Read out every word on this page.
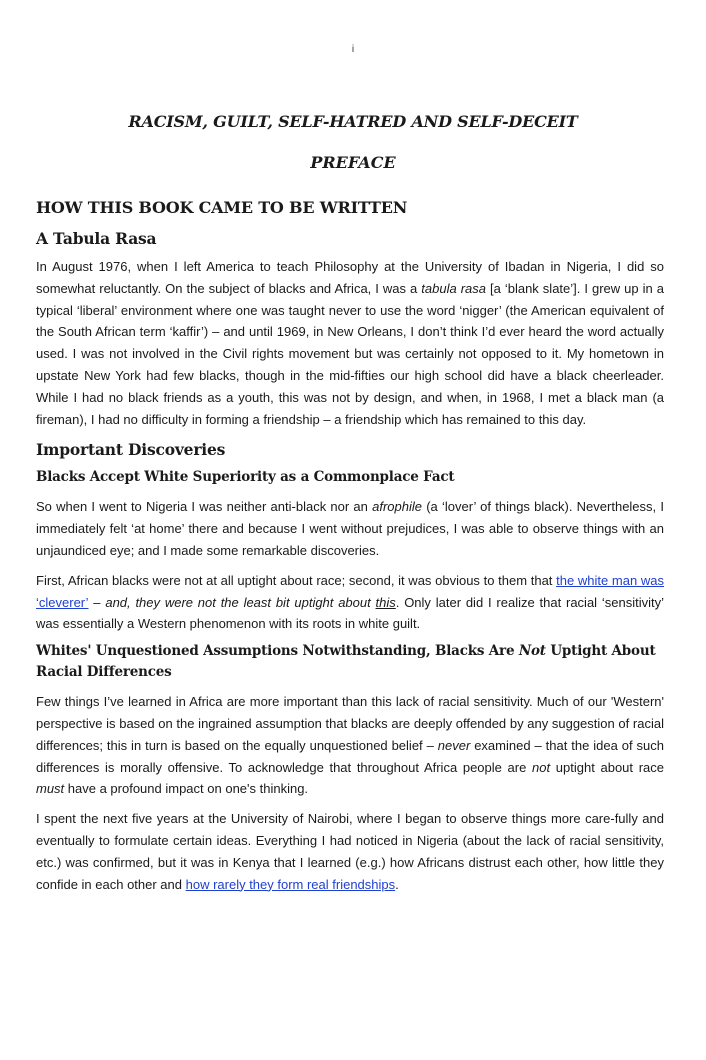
i
RACISM, GUILT, SELF-HATRED AND SELF-DECEIT
PREFACE
HOW THIS BOOK CAME TO BE WRITTEN
A Tabula Rasa

In August 1976, when I left America to teach Philosophy at the University of Ibadan in Nigeria, I did so somewhat reluctantly. On the subject of blacks and Africa, I was a tabula rasa [a ‘blank slate’]. I grew up in a typical ‘liberal’ environment where one was taught never to use the word ‘nigger’ (the American equivalent of the South African term ‘kaffir’) – and until 1969, in New Orleans, I don’t think I’d ever heard the word actually used. I was not involved in the Civil rights movement but was certainly not opposed to it. My hometown in upstate New York had few blacks, though in the mid-fifties our high school did have a black cheerleader. While I had no black friends as a youth, this was not by design, and when, in 1968, I met a black man (a fireman), I had no difficulty in forming a friendship – a friendship which has remained to this day.

Important Discoveries
Blacks Accept White Superiority as a Commonplace Fact

So when I went to Nigeria I was neither anti-black nor an afrophile (a ‘lover’ of things black). Nevertheless, I immediately felt ‘at home’ there and because I went without prejudices, I was able to observe things with an unjaundiced eye; and I made some remarkable discoveries.

First, African blacks were not at all uptight about race; second, it was obvious to them that the white man was ‘cleverer’ – and, they were not the least bit uptight about this. Only later did I realize that racial ‘sensitivity’ was essentially a Western phenomenon with its roots in white guilt.

Whites' Unquestioned Assumptions Notwithstanding, Blacks Are Not Uptight About Racial Differences

Few things I’ve learned in Africa are more important than this lack of racial sensitivity. Much of our 'Western' perspective is based on the ingrained assumption that blacks are deeply offended by any suggestion of racial differences; this in turn is based on the equally unquestioned belief – never examined – that the idea of such differences is morally offensive. To acknowledge that throughout Africa people are not uptight about race must have a profound impact on one's thinking.

I spent the next five years at the University of Nairobi, where I began to observe things more care-fully and eventually to formulate certain ideas. Everything I had noticed in Nigeria (about the lack of racial sensitivity, etc.) was confirmed, but it was in Kenya that I learned (e.g.) how Africans distrust each other, how little they confide in each other and how rarely they form real friendships.
